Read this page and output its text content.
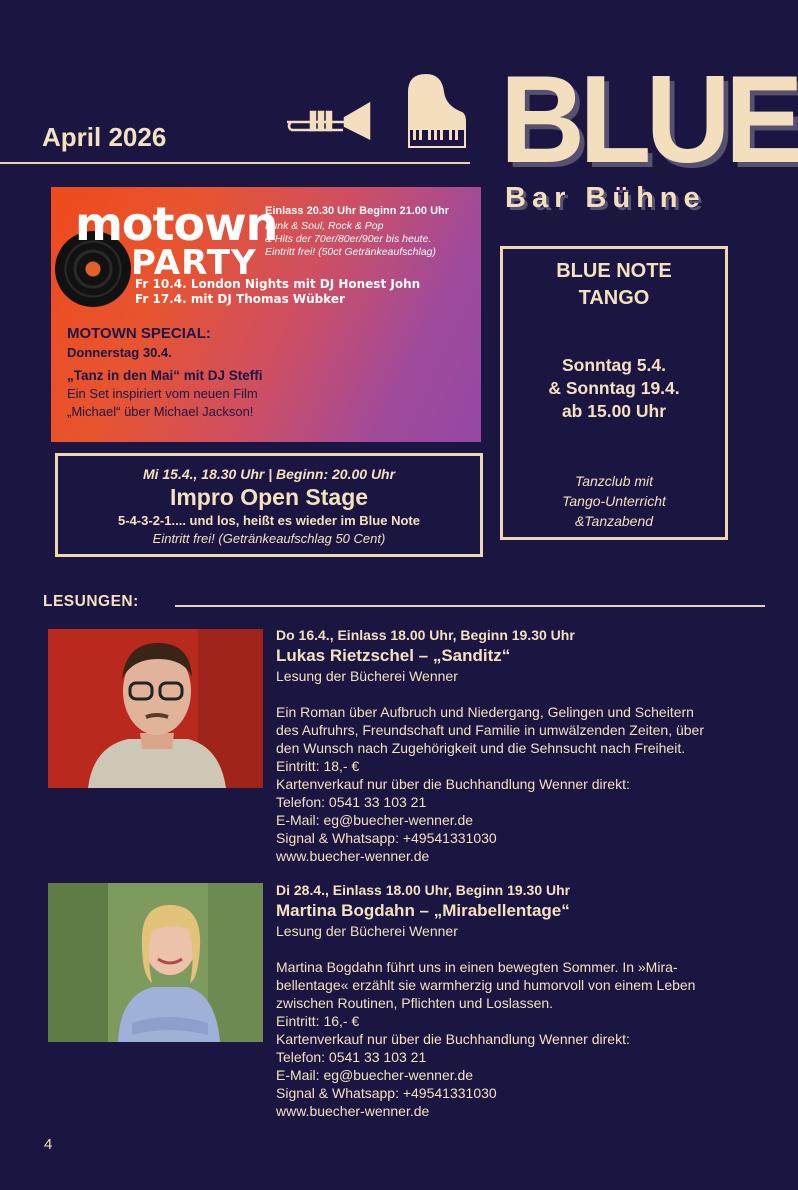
April 2026	BLUE
Bar Bühne
motown
PARTY
Einlass 20.30 Uhr Beginn 21.00 Uhr
Funk & Soul, Rock & Pop
& Hits der 70er/80er/90er bis heute.
Eintritt frei! (50ct Getränkeaufschlag)
Fr 10.4. London Nights mit DJ Honest John
Fr 17.4. mit DJ Thomas Wübker
MOTOWN SPECIAL:
Donnerstag 30.4.
„Tanz in den Mai“ mit DJ Steffi
Ein Set inspiriert vom neuen Film
„Michael“ über Michael Jackson!
Mi 15.4., 18.30 Uhr | Beginn: 20.00 Uhr
Impro Open Stage
5-4-3-2-1.... und los, heißt es wieder im Blue Note
Eintritt frei! (Getränkeaufschlag 50 Cent)
BLUE NOTE
TANGO
Sonntag 5.4.
& Sonntag 19.4.
ab 15.00 Uhr
Tanzclub mit
Tango-Unterricht
&Tanzabend
LESUNGEN:
Do 16.4., Einlass 18.00 Uhr, Beginn 19.30 Uhr
Lukas Rietzschel – „Sanditz“
Lesung der Bücherei Wenner
Ein Roman über Aufbruch und Niedergang, Gelingen und Scheitern
des Aufruhrs, Freundschaft und Familie in umwälzenden Zeiten, über
den Wunsch nach Zugehörigkeit und die Sehnsucht nach Freiheit.
Eintritt: 18,- €
Kartenverkauf nur über die Buchhandlung Wenner direkt:
Telefon: 0541 33 103 21
E-Mail: eg@buecher-wenner.de
Signal & Whatsapp: +49541331030
www.buecher-wenner.de
Di 28.4., Einlass 18.00 Uhr, Beginn 19.30 Uhr
Martina Bogdahn – „Mirabellentage“
Lesung der Bücherei Wenner
Martina Bogdahn führt uns in einen bewegten Sommer. In »Mira-
bellentage« erzählt sie warmherzig und humorvoll von einem Leben
zwischen Routinen, Pflichten und Loslassen.
Eintritt: 16,- €
Kartenverkauf nur über die Buchhandlung Wenner direkt:
Telefon: 0541 33 103 21
E-Mail: eg@buecher-wenner.de
Signal & Whatsapp: +49541331030
www.buecher-wenner.de
4
